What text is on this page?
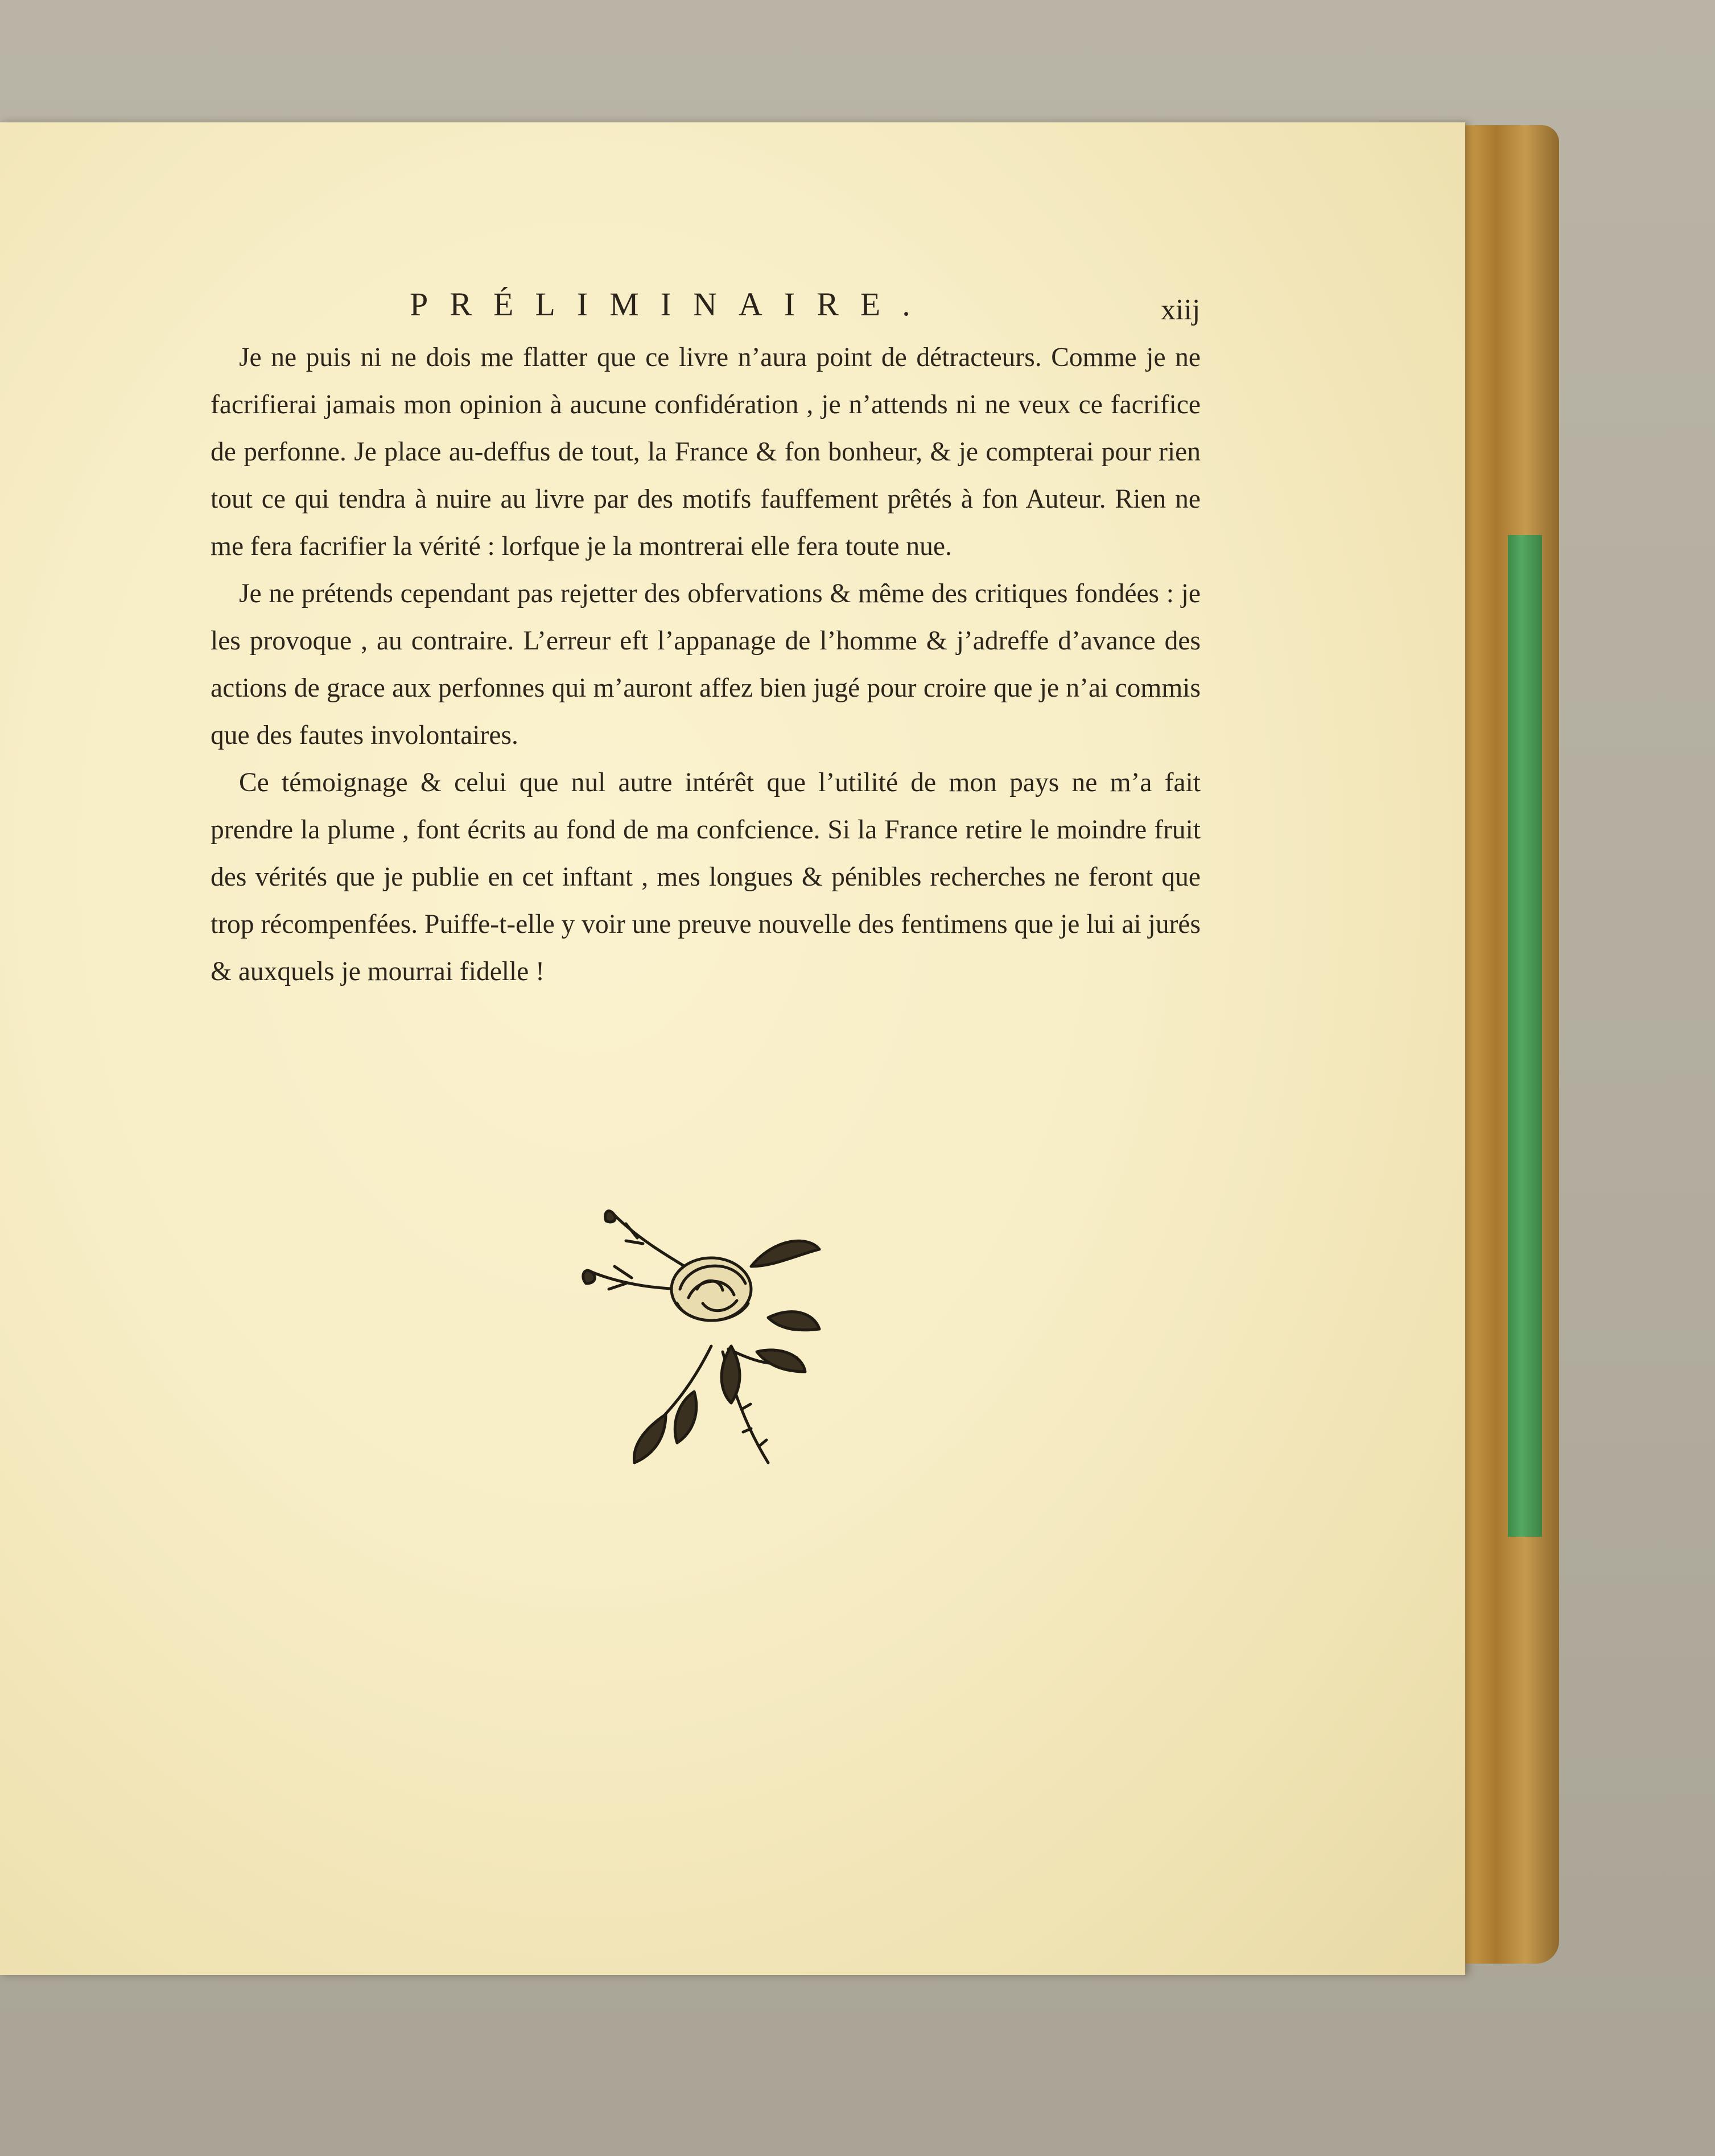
PRÉLIMINAIRE.	xiij

Je ne puis ni ne dois me flatter que ce livre n’aura point de détracteurs. Comme je ne facrifierai jamais mon opinion à aucune confidération , je n’attends ni ne veux ce facrifice de perfonne. Je place au-deffus de tout, la France & fon bonheur, & je compterai pour rien tout ce qui tendra à nuire au livre par des motifs fauffement prêtés à fon Auteur. Rien ne me fera facrifier la vérité : lorfque je la montrerai elle fera toute nue.

Je ne prétends cependant pas rejetter des obfervations & même des critiques fondées : je les provoque , au contraire. L’erreur eft l’appanage de l’homme & j’adreffe d’avance des actions de grace aux perfonnes qui m’auront affez bien jugé pour croire que je n’ai commis que des fautes involontaires.

Ce témoignage & celui que nul autre intérêt que l’utilité de mon pays ne m’a fait prendre la plume , font écrits au fond de ma confcience. Si la France retire le moindre fruit des vérités que je publie en cet inftant , mes longues & pénibles recherches ne feront que trop récompenfées. Puiffe-t-elle y voir une preuve nouvelle des fentimens que je lui ai jurés & auxquels je mourrai fidelle !
